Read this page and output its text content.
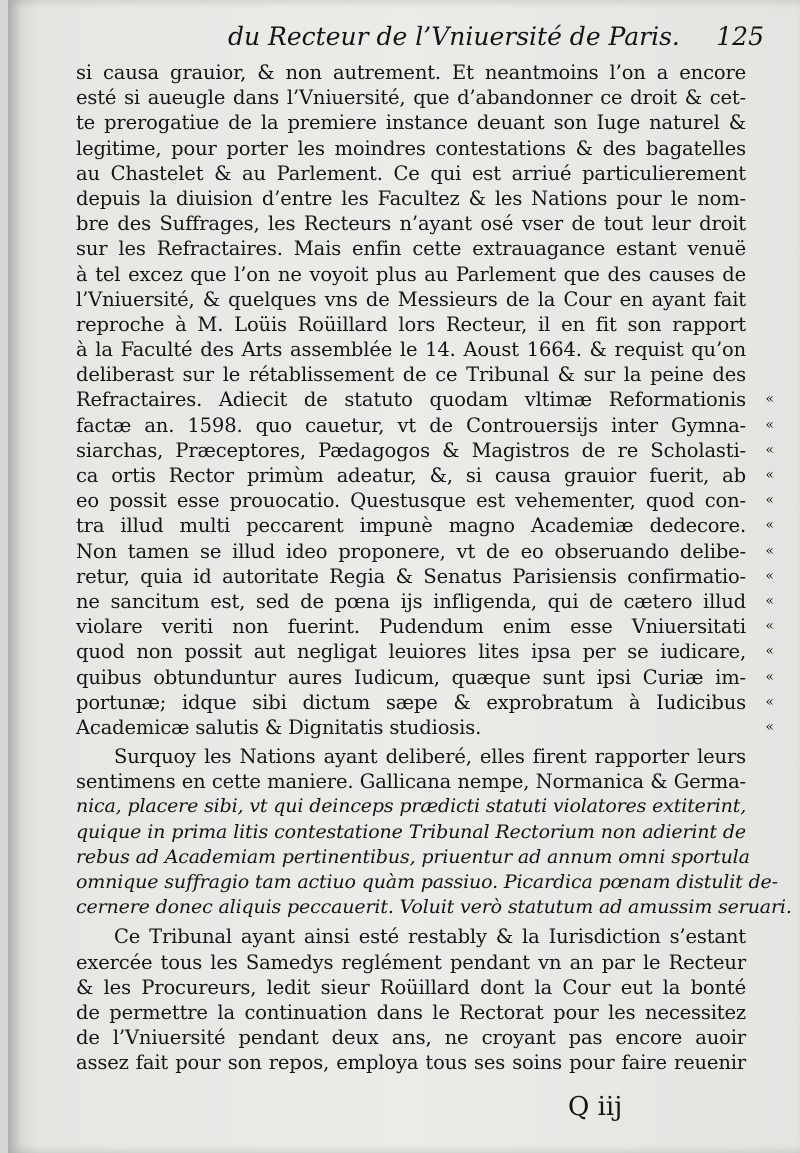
du Recteur de l’Vniuersité de Paris. 125
si causa grauior, & non autrement. Et neantmoins l’on a encore
esté si aueugle dans l’Vniuersité, que d’abandonner ce droit & cet-
te prerogatiue de la premiere instance deuant son Iuge naturel &
legitime, pour porter les moindres contestations & des bagatelles
au Chastelet & au Parlement. Ce qui est arriué particulierement
depuis la diuision d’entre les Facultez & les Nations pour le nom-
bre des Suffrages, les Recteurs n’ayant osé vser de tout leur droit
sur les Refractaires. Mais enfin cette extrauagance estant venuë
à tel excez que l’on ne voyoit plus au Parlement que des causes de
l’Vniuersité, & quelques vns de Messieurs de la Cour en ayant fait
reproche à M. Loüis Roüillard lors Recteur, il en fit son rapport
à la Faculté des Arts assemblée le 14. Aoust 1664. & requist qu’on
deliberast sur le rétablissement de ce Tribunal & sur la peine des
Refractaires. Adiecit de statuto quodam vltimæ Reformationis «
factæ an. 1598. quo cauetur, vt de Controuersijs inter Gymna- «
siarchas, Præceptores, Pædagogos & Magistros de re Scholasti- «
ca ortis Rector primùm adeatur, &, si causa grauior fuerit, ab «
eo possit esse prouocatio. Questusque est vehementer, quod con- «
tra illud multi peccarent impunè magno Academiæ dedecore. «
Non tamen se illud ideo proponere, vt de eo obseruando delibe- «
retur, quia id autoritate Regia & Senatus Parisiensis confirmatio- «
ne sancitum est, sed de pœna ijs infligenda, qui de cætero illud «
violare veriti non fuerint. Pudendum enim esse Vniuersitati «
quod non possit aut negligat leuiores lites ipsa per se iudicare, «
quibus obtunduntur aures Iudicum, quæque sunt ipsi Curiæ im- «
portunæ; idque sibi dictum sæpe & exprobratum à Iudicibus «
Academicæ salutis & Dignitatis studiosis.	«
Surquoy les Nations ayant deliberé, elles firent rapporter leurs
sentimens en cette maniere. Gallicana nempe, Normanica & Germa-
nica, placere sibi, vt qui deinceps prædicti statuti violatores extiterint,
quique in prima litis contestatione Tribunal Rectorium non adierint de
rebus ad Academiam pertinentibus, priuentur ad annum omni sportula
omnique suffragio tam actiuo quàm passiuo. Picardica pœnam distulit de-
cernere donec aliquis peccauerit. Voluit verò statutum ad amussim seruari.
Ce Tribunal ayant ainsi esté restably & la Iurisdiction s’estant
exercée tous les Samedys reglément pendant vn an par le Recteur
& les Procureurs, ledit sieur Roüillard dont la Cour eut la bonté
de permettre la continuation dans le Rectorat pour les necessitez
de l’Vniuersité pendant deux ans, ne croyant pas encore auoir
assez fait pour son repos, employa tous ses soins pour faire reuenir
Q iij
